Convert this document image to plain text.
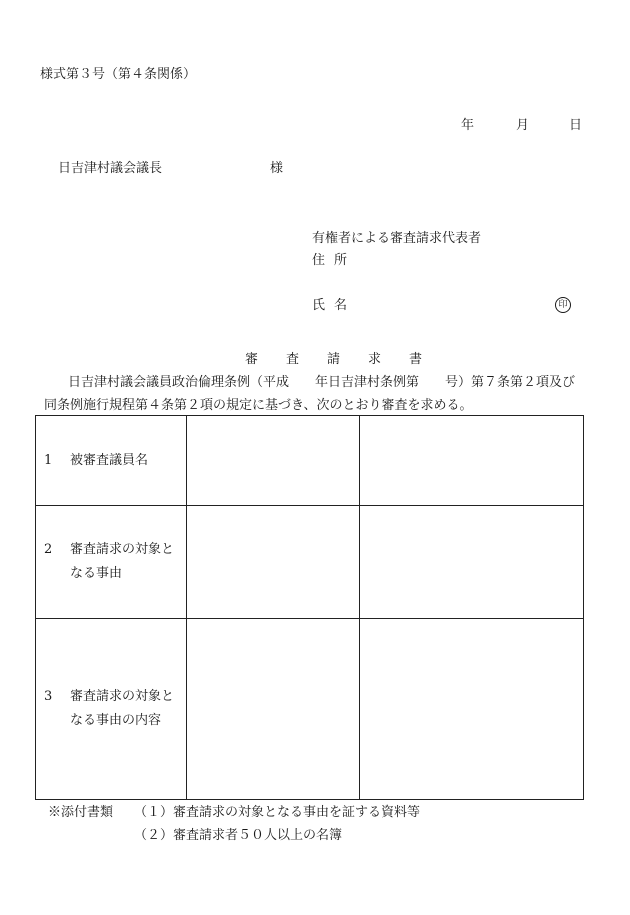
様式第３号（第４条関係）
年	月	日
日吉津村議会議長	様
有権者による審査請求代表者
住所
氏名	印
審査請求書
日吉津村議会議員政治倫理条例（平成　　年日吉津村条例第　　号）第７条第２項及び
同条例施行規程第４条第２項の規定に基づき、次のとおり審査を求める。
1 被審査議員名		

2 審査請求の対象と
なる事由		

3 審査請求の対象と
なる事由の内容		

※添付書類 （１）審査請求の対象となる事由を証する資料等
（２）審査請求者５０人以上の名簿
